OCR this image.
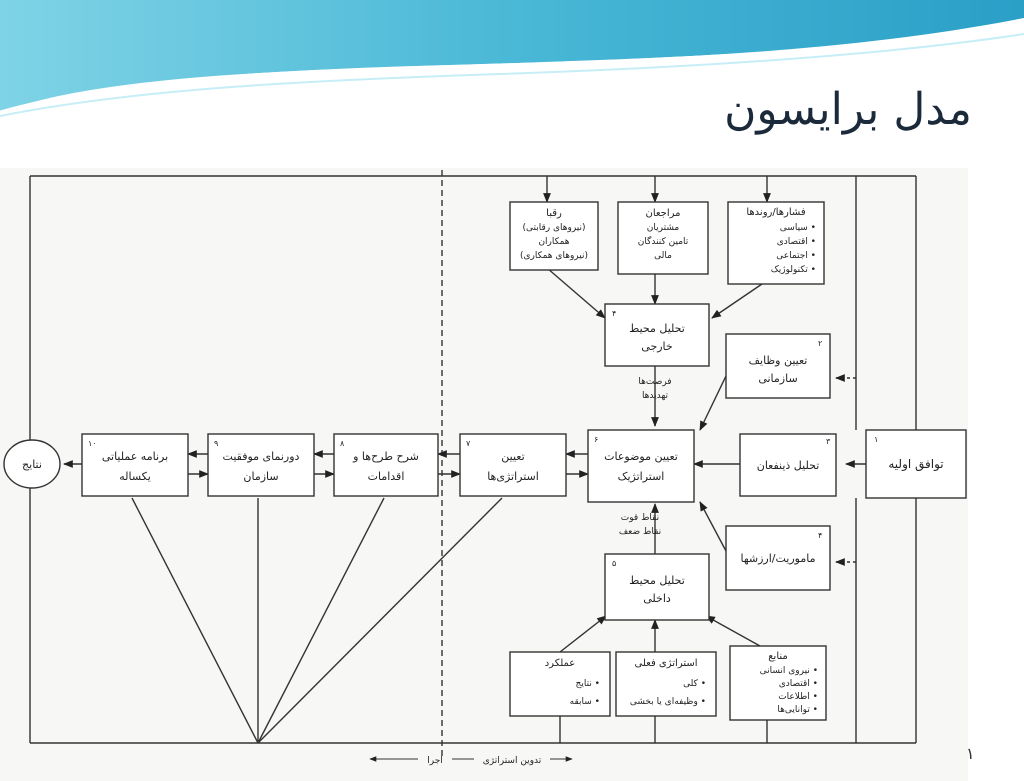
مدل برایسون
نتایج
۱
توافق اولیه
۲
تعیین وظایف
سازمانی
۳
تحلیل ذینفعان
۴
ماموریت/ارزشها
رقبا
(نیروهای رقابتی)
همکاران
(نیروهای همکاری)
مراجعان
مشتریان
تامین کنندگان
مالی
فشارها/روندها
• سیاسی
• اقتصادی
• اجتماعی
• تکنولوژیک
۴
تحلیل محیط
خارجی
فرصت‌ها
تهدیدها
۶
تعیین موضوعات
استراتژیک
نقاط قوت
نقاط ضعف
۵
تحلیل محیط
داخلی
عملکرد
• نتایج
• سابقه
استراتژی فعلی
• کلی
• وظیفه‌ای یا بخشی
منابع
• نیروی انسانی
• اقتصادی
• اطلاعات
• توانایی‌ها
۷
تعیین
استراتژی‌ها
۸
شرح طرح‌ها و
اقدامات
۹
دورنمای موفقیت
سازمان
۱۰
برنامه عملیاتی
یکساله
اجرا	تدوین استراتژی	۱
